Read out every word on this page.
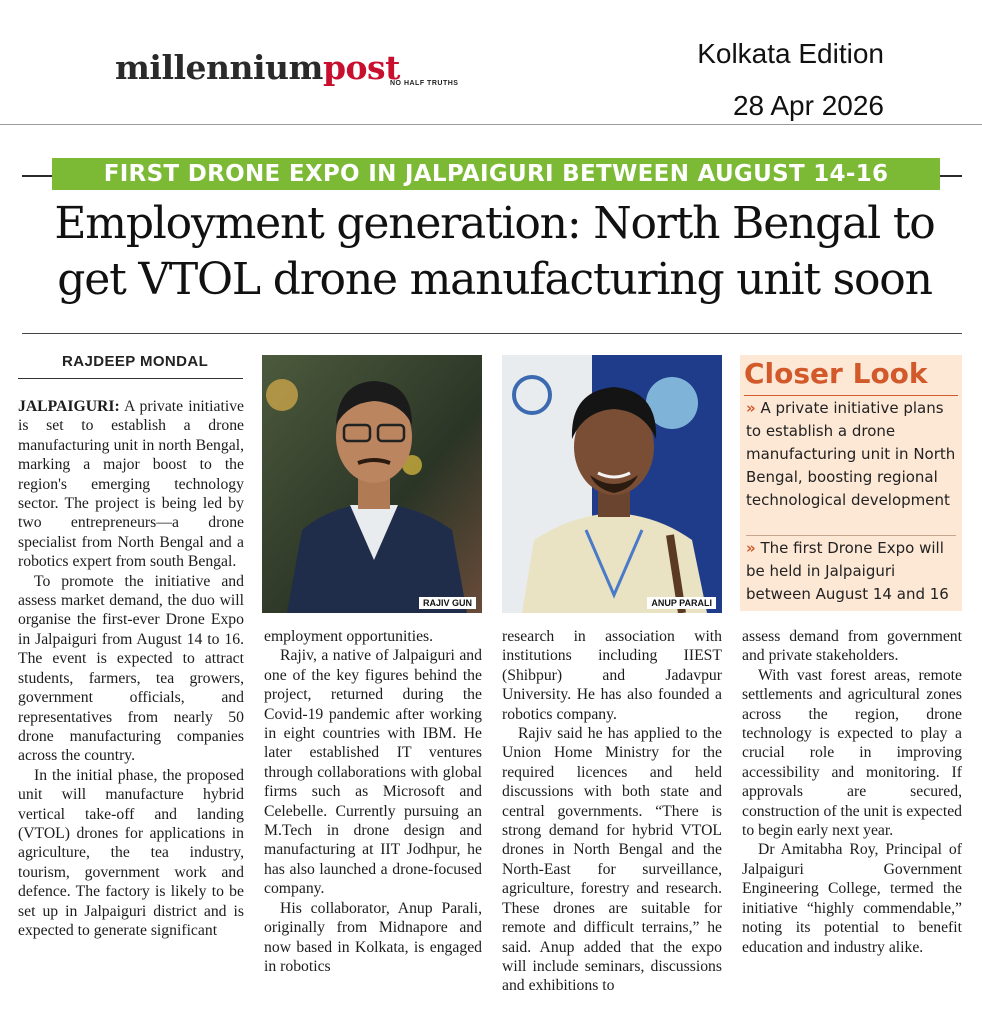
millenniumpost
NO HALF TRUTHS
Kolkata Edition
28 Apr 2026
FIRST DRONE EXPO IN JALPAIGURI BETWEEN AUGUST 14-16
Employment generation: North Bengal to
get VTOL drone manufacturing unit soon
RAJDEEP MONDAL

JALPAIGURI: A private initiative is set to establish a drone manufacturing unit in north Bengal, marking a major boost to the region's emerging technology sector. The project is being led by two entrepreneurs—a drone specialist from North Bengal and a robotics expert from south Bengal.

To promote the initiative and assess market demand, the duo will organise the first-ever Drone Expo in Jalpaiguri from August 14 to 16. The event is expected to attract students, farmers, tea growers, government officials, and representatives from nearly 50 drone manufacturing companies across the country.

In the initial phase, the proposed unit will manufacture hybrid vertical take-off and landing (VTOL) drones for applications in agriculture, the tea industry, tourism, government work and defence. The factory is likely to be set up in Jalpaiguri district and is expected to generate significant

RAJIV GUN	ANUP PARALI
Closer Look
» A private initiative plans to establish a drone manufacturing unit in North Bengal, boosting regional technological development
» The first Drone Expo will be held in Jalpaiguri between August 14 and 16

employment opportunities.

Rajiv, a native of Jalpaiguri and one of the key figures behind the project, returned during the Covid-19 pandemic after working in eight countries with IBM. He later established IT ventures through collaborations with global firms such as Microsoft and Celebelle. Currently pursuing an M.Tech in drone design and manufacturing at IIT Jodhpur, he has also launched a drone-focused company.

His collaborator, Anup Parali, originally from Midnapore and now based in Kolkata, is engaged in robotics

research in association with institutions including IIEST (Shibpur) and Jadavpur University. He has also founded a robotics company.

Rajiv said he has applied to the Union Home Ministry for the required licences and held discussions with both state and central governments. “There is strong demand for hybrid VTOL drones in North Bengal and the North-East for surveillance, agriculture, forestry and research. These drones are suitable for remote and difficult terrains,” he said. Anup added that the expo will include seminars, discussions and exhibitions to

assess demand from government and private stakeholders.

With vast forest areas, remote settlements and agricultural zones across the region, drone technology is expected to play a crucial role in improving accessibility and monitoring. If approvals are secured, construction of the unit is expected to begin early next year.

Dr Amitabha Roy, Principal of Jalpaiguri Government Engineering College, termed the initiative “highly commendable,” noting its potential to benefit education and industry alike.
